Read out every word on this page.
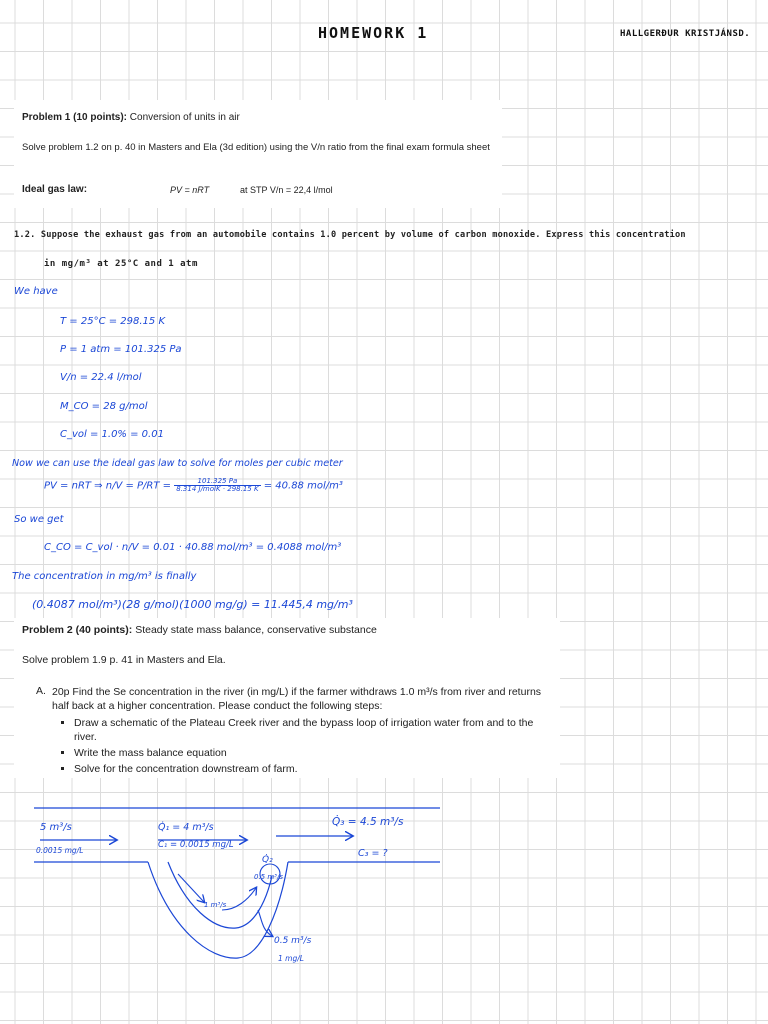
HOMEWORK 1	HALLGERÐUR KRISTJÁNSD.
Problem 1 (10 points): Conversion of units in air
Solve problem 1.2 on p. 40 in Masters and Ela (3d edition) using the V/n ratio from the final exam formula sheet
Ideal gas law:	PV = nRT	at STP V/n = 22,4 l/mol
1.2. Suppose the exhaust gas from an automobile contains 1.0 percent by volume of carbon monoxide. Express this concentration
in mg/m³ at 25°C and 1 atm
We have
T = 25°C = 298.15 K
P = 1 atm = 101.325 Pa
V/n = 22.4 l/mol
M_CO = 28 g/mol
C_vol = 1.0% = 0.01
Now we can use the ideal gas law to solve for moles per cubic meter
PV = nRT ⇒ $n/V = P/RT = \frac{101.325 Pa}{\text{8.314 J/molK · 298.15 K}} = 40.88$ mol/m³
So we get
C_CO = C_vol · n/V = 0.01 · 40.88 mol/m³ = 0.4088 mol/m³
The concentration in mg/m³ is finally
(0.4087 mol/m³)(28 g/mol)(1000 mg/g) = 11.445,4 mg/m³
Problem 2 (40 points): Steady state mass balance, conservative substance
Solve problem 1.9 p. 41 in Masters and Ela.
A. 20p Find the Se concentration in the river (in mg/L) if the farmer withdraws 1.0 m³/s from river and returns half back at a higher concentration. Please conduct the following steps:
▪ Draw a schematic of the Plateau Creek river and the bypass loop of irrigation water from and to the river.
▪ Write the mass balance equation
▪ Solve for the concentration downstream of farm.
5 m³/s
0.0015 mg/L
Q̇₁ = 4 m³/s
C₁ = 0.0015 mg/L
Q̇₃ = 4.5 m³/s
C₃ = ?
Q̇₂
0.5 m³/s
1 m³/s
0.5 m³/s
1 mg/L
